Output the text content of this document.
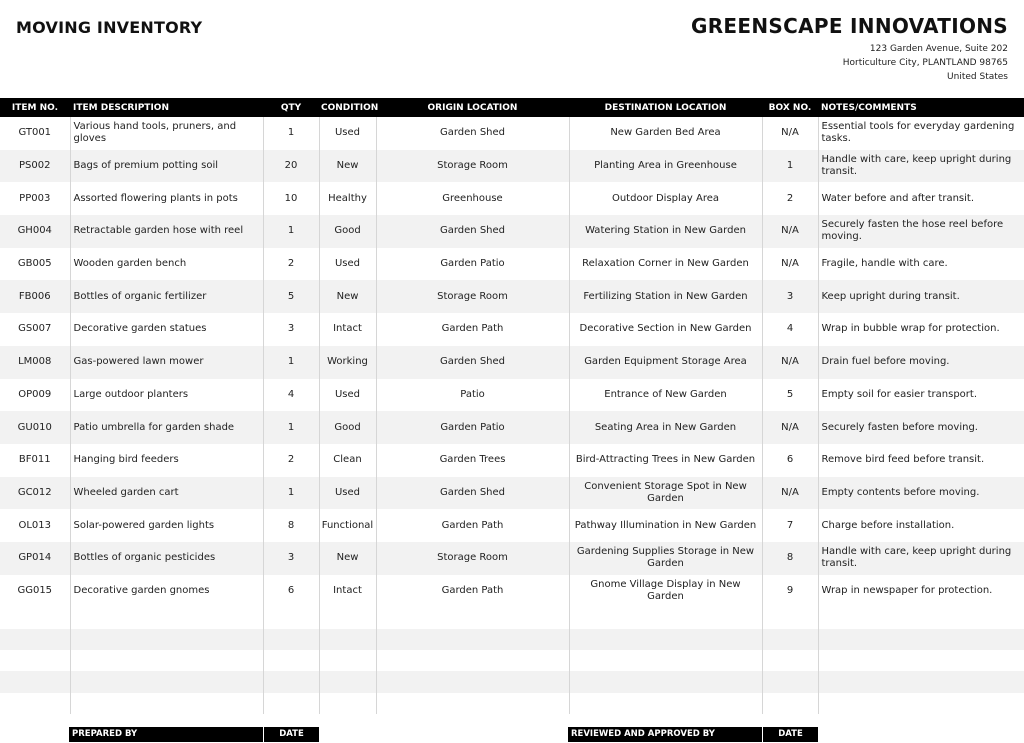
MOVING INVENTORY	GREENSCAPE INNOVATIONS
123 Garden Avenue, Suite 202
Horticulture City, PLANTLAND 98765
United States
ITEM NO.	ITEM DESCRIPTION	QTY	CONDITION	ORIGIN LOCATION	DESTINATION LOCATION	BOX NO.	NOTES/COMMENTS
GT001	Various hand tools, pruners, and gloves	1	Used	Garden Shed	New Garden Bed Area	N/A	Essential tools for everyday gardening tasks.
PS002	Bags of premium potting soil	20	New	Storage Room	Planting Area in Greenhouse	1	Handle with care, keep upright during transit.
PP003	Assorted flowering plants in pots	10	Healthy	Greenhouse	Outdoor Display Area	2	Water before and after transit.
GH004	Retractable garden hose with reel	1	Good	Garden Shed	Watering Station in New Garden	N/A	Securely fasten the hose reel before moving.
GB005	Wooden garden bench	2	Used	Garden Patio	Relaxation Corner in New Garden	N/A	Fragile, handle with care.
FB006	Bottles of organic fertilizer	5	New	Storage Room	Fertilizing Station in New Garden	3	Keep upright during transit.
GS007	Decorative garden statues	3	Intact	Garden Path	Decorative Section in New Garden	4	Wrap in bubble wrap for protection.
LM008	Gas-powered lawn mower	1	Working	Garden Shed	Garden Equipment Storage Area	N/A	Drain fuel before moving.
OP009	Large outdoor planters	4	Used	Patio	Entrance of New Garden	5	Empty soil for easier transport.
GU010	Patio umbrella for garden shade	1	Good	Garden Patio	Seating Area in New Garden	N/A	Securely fasten before moving.
BF011	Hanging bird feeders	2	Clean	Garden Trees	Bird-Attracting Trees in New Garden	6	Remove bird feed before transit.
GC012	Wheeled garden cart	1	Used	Garden Shed	Convenient Storage Spot in New Garden	N/A	Empty contents before moving.
OL013	Solar-powered garden lights	8	Functional	Garden Path	Pathway Illumination in New Garden	7	Charge before installation.
GP014	Bottles of organic pesticides	3	New	Storage Room	Gardening Supplies Storage in New Garden	8	Handle with care, keep upright during transit.
GG015	Decorative garden gnomes	6	Intact	Garden Path	Gnome Village Display in New Garden	9	Wrap in newspaper for protection.

PREPARED BY	DATE	REVIEWED AND APPROVED BY	DATE
